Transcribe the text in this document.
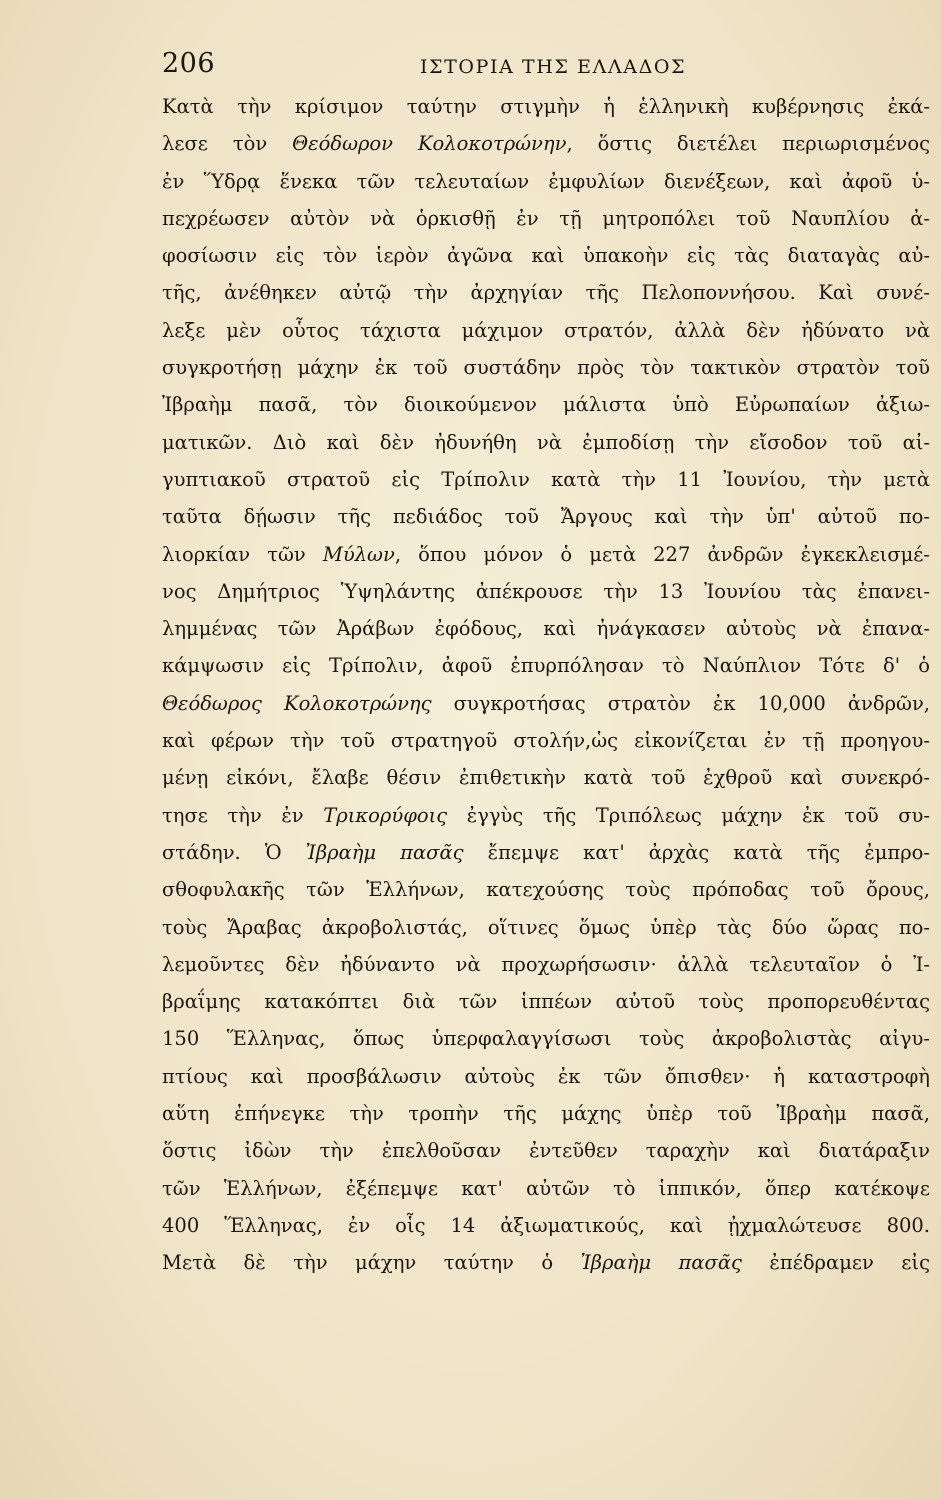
206	ΙΣΤΟΡΙΑ ΤΗΣ ΕΛΛΑΔΟΣ
Κατὰ τὴν κρίσιμον ταύτην στιγμὴν ἡ ἑλληνικὴ κυβέρνησις ἐκά-
λεσε τὸν Θεόδωρον Κολοκοτρώνην, ὅστις διετέλει περιωρισμένος
ἐν Ὕδρᾳ ἕνεκα τῶν τελευταίων ἐμφυλίων διενέξεων, καὶ ἀφοῦ ὑ-
πεχρέωσεν αὐτὸν νὰ ὁρκισθῇ ἐν τῇ μητροπόλει τοῦ Ναυπλίου ἀ-
φοσίωσιν εἰς τὸν ἱερὸν ἀγῶνα καὶ ὑπακοὴν εἰς τὰς διαταγὰς αὐ-
τῆς, ἀνέθηκεν αὐτῷ τὴν ἀρχηγίαν τῆς Πελοποννήσου. Καὶ συνέ-
λεξε μὲν οὗτος τάχιστα μάχιμον στρατόν, ἀλλὰ δὲν ἠδύνατο νὰ
συγκροτήσῃ μάχην ἐκ τοῦ συστάδην πρὸς τὸν τακτικὸν στρατὸν τοῦ
Ἰβραὴμ πασᾶ, τὸν διοικούμενον μάλιστα ὑπὸ Εὐρωπαίων ἀξιω-
ματικῶν. Διὸ καὶ δὲν ἠδυνήθη νὰ ἐμποδίσῃ τὴν εἴσοδον τοῦ αἰ-
γυπτιακοῦ στρατοῦ εἰς Τρίπολιν κατὰ τὴν 11 Ἰουνίου, τὴν μετὰ
ταῦτα δῄωσιν τῆς πεδιάδος τοῦ Ἄργους καὶ τὴν ὑπ' αὐτοῦ πο-
λιορκίαν τῶν Μύλων, ὅπου μόνον ὁ μετὰ 227 ἀνδρῶν ἐγκεκλεισμέ-
νος Δημήτριος Ὑψηλάντης ἀπέκρουσε τὴν 13 Ἰουνίου τὰς ἐπανει-
λημμένας τῶν Ἀράβων ἐφόδους, καὶ ἠνάγκασεν αὐτοὺς νὰ ἐπανα-
κάμψωσιν εἰς Τρίπολιν, ἀφοῦ ἐπυρπόλησαν τὸ Ναύπλιον Τότε δ' ὁ
Θεόδωρος Κολοκοτρώνης συγκροτήσας στρατὸν ἐκ 10,000 ἀνδρῶν,
καὶ φέρων τὴν τοῦ στρατηγοῦ στολήν,ὡς εἰκονίζεται ἐν τῇ προηγου-
μένῃ εἰκόνι, ἔλαβε θέσιν ἐπιθετικὴν κατὰ τοῦ ἐχθροῦ καὶ συνεκρό-
τησε τὴν ἐν Τρικορύφοις ἐγγὺς τῆς Τριπόλεως μάχην ἐκ τοῦ συ-
στάδην. Ὁ Ἰβραὴμ πασᾶς ἔπεμψε κατ' ἀρχὰς κατὰ τῆς ἐμπρο-
σθοφυλακῆς τῶν Ἑλλήνων, κατεχούσης τοὺς πρόποδας τοῦ ὄρους,
τοὺς Ἄραβας ἀκροβολιστάς, οἵτινες ὅμως ὑπὲρ τὰς δύο ὥρας πο-
λεμοῦντες δὲν ἠδύναντο νὰ προχωρήσωσιν· ἀλλὰ τελευταῖον ὁ Ἰ-
βραΐμης κατακόπτει διὰ τῶν ἱππέων αὐτοῦ τοὺς προπορευθέντας
150 Ἕλληνας, ὅπως ὑπερφαλαγγίσωσι τοὺς ἀκροβολιστὰς αἰγυ-
πτίους καὶ προσβάλωσιν αὐτοὺς ἐκ τῶν ὄπισθεν· ἡ καταστροφὴ
αὕτη ἐπήνεγκε τὴν τροπὴν τῆς μάχης ὑπὲρ τοῦ Ἰβραὴμ πασᾶ,
ὅστις ἰδὼν τὴν ἐπελθοῦσαν ἐντεῦθεν ταραχὴν καὶ διατάραξιν
τῶν Ἑλλήνων, ἐξέπεμψε κατ' αὐτῶν τὸ ἱππικόν, ὅπερ κατέκοψε
400 Ἕλληνας, ἐν οἷς 14 ἀξιωματικούς, καὶ ᾐχμαλώτευσε 800.
Μετὰ δὲ τὴν μάχην ταύτην ὁ Ἰβραὴμ πασᾶς ἐπέδραμεν εἰς
